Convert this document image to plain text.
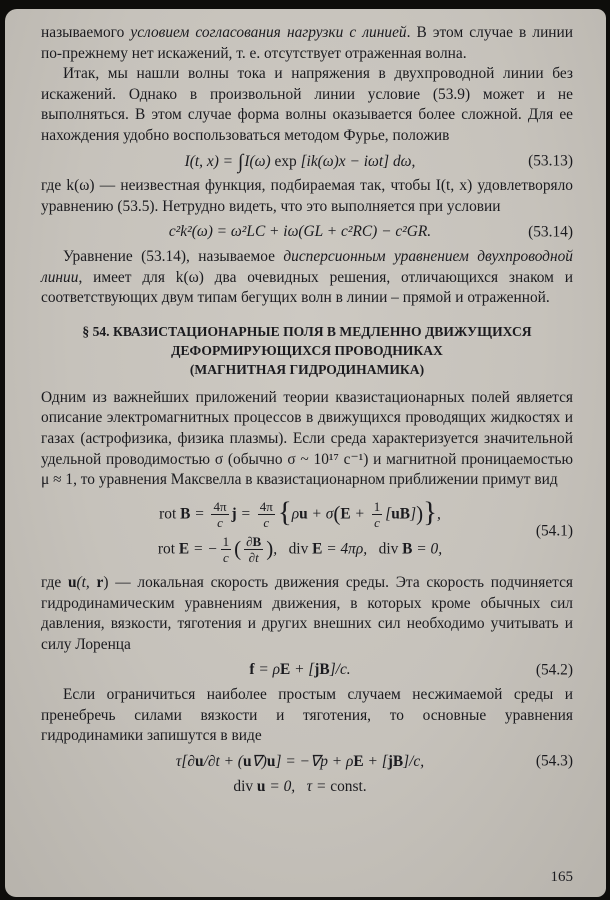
называемого условием согласования нагрузки с линией. В этом случае в линии по-прежнему нет искажений, т. е. отсутствует отраженная волна.

Итак, мы нашли волны тока и напряжения в двухпроводной линии без искажений. Однако в произвольной линии условие (53.9) может и не выполняться. В этом случае форма волны оказывается более сложной. Для ее нахождения удобно воспользоваться методом Фурье, положив

I(t, x) = ∫I(ω) exp [ik(ω)x − iωt] dω,	(53.13)

где k(ω) — неизвестная функция, подбираемая так, чтобы I(t, x) удовлетворяло уравнению (53.5). Нетрудно видеть, что это выполняется при условии

c²k²(ω) = ω²LC + iω(GL + c²RC) − c²GR.	(53.14)

Уравнение (53.14), называемое дисперсионным уравнением двухпроводной линии, имеет для k(ω) два очевидных решения, отличающихся знаком и соответствующих двум типам бегущих волн в линии – прямой и отраженной.

§ 54. КВАЗИСТАЦИОНАРНЫЕ ПОЛЯ В МЕДЛЕННО ДВИЖУЩИХСЯ
ДЕФОРМИРУЮЩИХСЯ ПРОВОДНИКАХ
(МАГНИТНАЯ ГИДРОДИНАМИКА)

Одним из важнейших приложений теории квазистационарных полей является описание электромагнитных процессов в движущихся проводящих жидкостях и газах (астрофизика, физика плазмы). Если среда характеризуется значительной удельной проводимостью σ (обычно σ ~ 10¹⁷ с⁻¹) и магнитной проницаемостью μ ≈ 1, то уравнения Максвелла в квазистационарном приближении примут вид

rot $B = \frac{4\pi}{c}$ $j = \frac{4\pi}{c} \{\rho u + \sigma(E + \frac{1}{c} [uB])\}$,
rot E = − $\frac{1}{c}$ ( $\frac{\partial B}{\partial t}$ ),  div E = 4πρ,  div B = 0,
(54.1)

где u(t, r) — локальная скорость движения среды. Эта скорость подчиняется гидродинамическим уравнениям движения, в которых кроме обычных сил давления, вязкости, тяготения и других внешних сил необходимо учитывать и силу Лоренца

f = ρE + [jB]/c.	(54.2)

Если ограничиться наиболее простым случаем несжимаемой среды и пренебречь силами вязкости и тяготения, то основные уравнения гидродинамики запишутся в виде

τ[∂u/∂t + (u∇)u] = −∇p + ρE + [jB]/c,	(54.3)
div u = 0,  τ = const.
165
